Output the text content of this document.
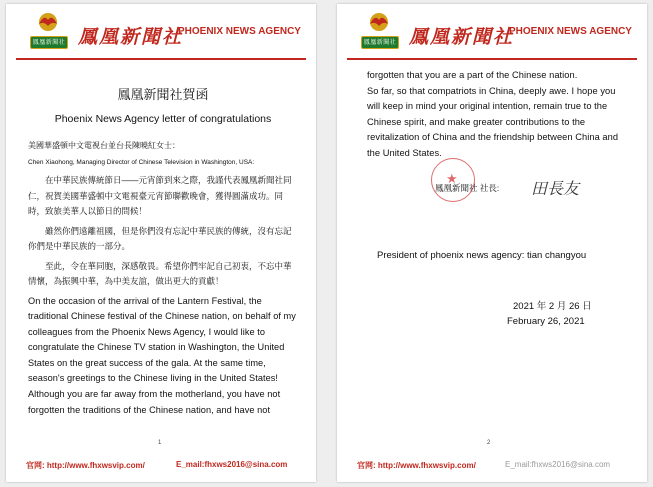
鳳凰新聞社 鳳凰新聞社
PHOENIX NEWS AGENCY
鳳凰新聞社賀函
Phoenix News Agency letter of congratulations

美國華盛頓中文電視台並台長陳曉紅女士：

Chen Xiaohong, Managing Director of Chinese Television in Washington, USA:

在中華民族傳統節日——元宵節到來之際，我謹代表鳳凰新聞社同仁，祝賀美國華盛頓中文電視臺元宵節聯歡晚會，獲得圓滿成功。同時，致旅美華人以節日的問候！

雖然你們遠離祖國，但是你們沒有忘記中華民族的傳統，沒有忘記你們是中華民族的一部分。

至此，令在華同胞，深感敬畏。希望你們牢記自己初衷，不忘中華情懷，為振興中華，為中美友誼，做出更大的貢獻！

On the occasion of the arrival of the Lantern Festival, the traditional Chinese festival of the Chinese nation, on behalf of my colleagues from the Phoenix News Agency, I would like to congratulate the Chinese TV station in Washington, the United States on the great success of the gala. At the same time, season's greetings to the Chinese living in the United States! Although you are far away from the motherland, you have not forgotten the traditions of the Chinese nation, and have not

1
官网: http://www.fhxwsvip.com/	E_mail:fhxws2016@sina.com
鳳凰新聞社 鳳凰新聞社
PHOENIX NEWS AGENCY

forgotten that you are a part of the Chinese nation.

So far, so that compatriots in China, deeply awe. I hope you will keep in mind your original intention, remain true to the Chinese spirit, and make greater contributions to the revitalization of China and the friendship between China and the United States.

★
鳳凰新聞社 社長: 田長友
President of phoenix news agency: tian changyou
2021 年 2 月 26 日
February 26, 2021
2
官网: http://www.fhxwsvip.com/	E_mail:fhxws2016@sina.com
